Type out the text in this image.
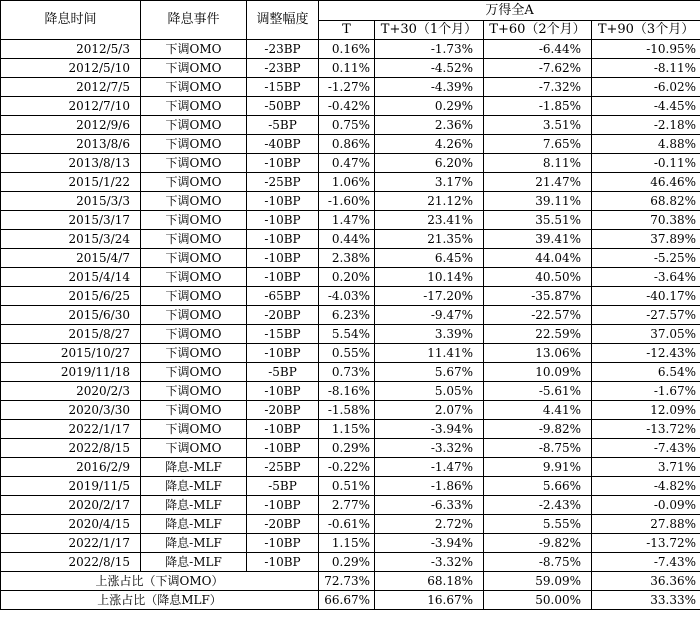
降息时间	降息事件	调整幅度	万得全A			
			T	T+30（1个月）	T+60（2个月）	T+90（3个月）
2012/5/3	下调OMO	-23BP	0.16%	-1.73%	-6.44%	-10.95%
2012/5/10	下调OMO	-23BP	0.11%	-4.52%	-7.62%	-8.11%
2012/7/5	下调OMO	-15BP	-1.27%	-4.39%	-7.32%	-6.02%
2012/7/10	下调OMO	-50BP	-0.42%	0.29%	-1.85%	-4.45%
2012/9/6	下调OMO	-5BP	0.75%	2.36%	3.51%	-2.18%
2013/8/6	下调OMO	-40BP	0.86%	4.26%	7.65%	4.88%
2013/8/13	下调OMO	-10BP	0.47%	6.20%	8.11%	-0.11%
2015/1/22	下调OMO	-25BP	1.06%	3.17%	21.47%	46.46%
2015/3/3	下调OMO	-10BP	-1.60%	21.12%	39.11%	68.82%
2015/3/17	下调OMO	-10BP	1.47%	23.41%	35.51%	70.38%
2015/3/24	下调OMO	-10BP	0.44%	21.35%	39.41%	37.89%
2015/4/7	下调OMO	-10BP	2.38%	6.45%	44.04%	-5.25%
2015/4/14	下调OMO	-10BP	0.20%	10.14%	40.50%	-3.64%
2015/6/25	下调OMO	-65BP	-4.03%	-17.20%	-35.87%	-40.17%
2015/6/30	下调OMO	-20BP	6.23%	-9.47%	-22.57%	-27.57%
2015/8/27	下调OMO	-15BP	5.54%	3.39%	22.59%	37.05%
2015/10/27	下调OMO	-10BP	0.55%	11.41%	13.06%	-12.43%
2019/11/18	下调OMO	-5BP	0.73%	5.67%	10.09%	6.54%
2020/2/3	下调OMO	-10BP	-8.16%	5.05%	-5.61%	-1.67%
2020/3/30	下调OMO	-20BP	-1.58%	2.07%	4.41%	12.09%
2022/1/17	下调OMO	-10BP	1.15%	-3.94%	-9.82%	-13.72%
2022/8/15	下调OMO	-10BP	0.29%	-3.32%	-8.75%	-7.43%
2016/2/9	降息-MLF	-25BP	-0.22%	-1.47%	9.91%	3.71%
2019/11/5	降息-MLF	-5BP	0.51%	-1.86%	5.66%	-4.82%
2020/2/17	降息-MLF	-10BP	2.77%	-6.33%	-2.43%	-0.09%
2020/4/15	降息-MLF	-20BP	-0.61%	2.72%	5.55%	27.88%
2022/1/17	降息-MLF	-10BP	1.15%	-3.94%	-9.82%	-13.72%
2022/8/15	降息-MLF	-10BP	0.29%	-3.32%	-8.75%	-7.43%
上涨占比（下调OMO）			72.73%	68.18%	59.09%	36.36%
上涨占比（降息MLF）			66.67%	16.67%	50.00%	33.33%
